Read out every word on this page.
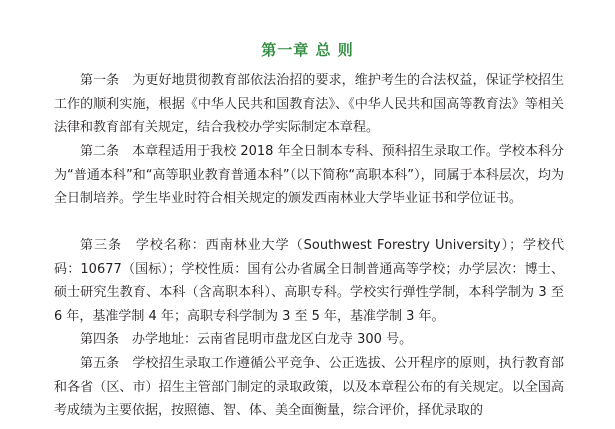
第一章 总 则

第一条　为更好地贯彻教育部依法治招的要求，维护考生的合法权益，保证学校招生工作的顺利实施，根据《中华人民共和国教育法》、《中华人民共和国高等教育法》等相关法律和教育部有关规定，结合我校办学实际制定本章程。

第二条　本章程适用于我校 2018 年全日制本专科、预科招生录取工作。学校本科分为“普通本科”和“高等职业教育普通本科”（以下简称“高职本科”），同属于本科层次，均为全日制培养。学生毕业时符合相关规定的颁发西南林业大学毕业证书和学位证书。

第三条　学校名称：西南林业大学（Southwest Forestry University）；学校代码：10677（国标）；学校性质：国有公办省属全日制普通高等学校；办学层次：博士、硕士研究生教育、本科（含高职本科）、高职专科。学校实行弹性学制，本科学制为 3 至 6 年，基准学制 4 年；高职专科学制为 3 至 5 年，基准学制 3 年。

第四条　办学地址：云南省昆明市盘龙区白龙寺 300 号。

第五条　学校招生录取工作遵循公平竞争、公正选拔、公开程序的原则，执行教育部和各省（区、市）招生主管部门制定的录取政策，以及本章程公布的有关规定。以全国高考成绩为主要依据，按照德、智、体、美全面衡量，综合评价，择优录取的
